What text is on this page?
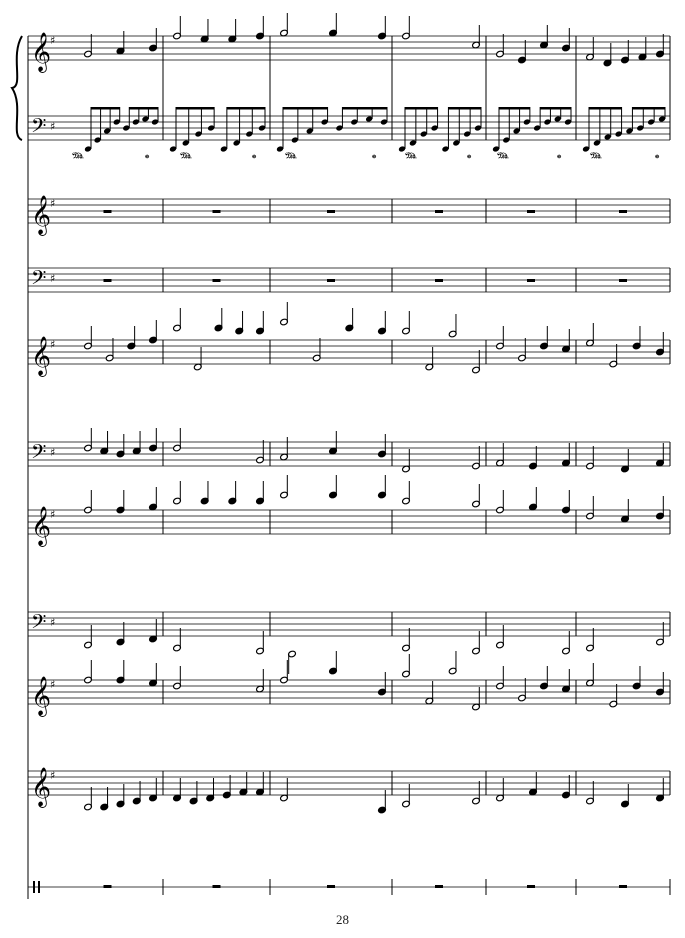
𝄞
♯
𝄢 ♯
𝄞
♯
𝄢 ♯
𝄞
♯
𝄢 ♯
𝄞
♯
𝄢 ♯
𝄞
♯
𝄞
♯
𝆮	𝆯 𝆮	𝆯 𝆮	𝆯 𝆮	𝆯 𝆮	𝆯 𝆮	𝆯
28
